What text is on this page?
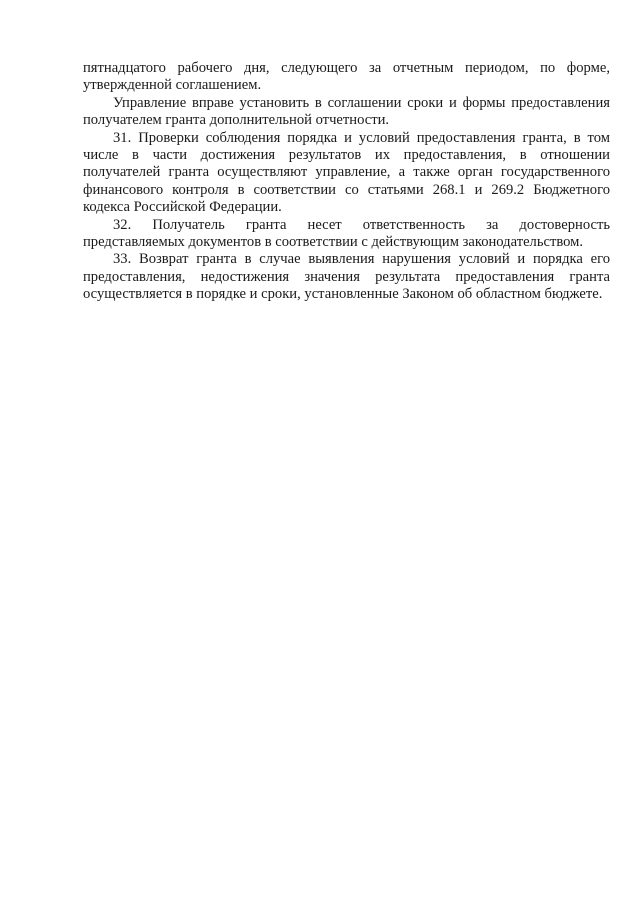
пятнадцатого рабочего дня, следующего за отчетным периодом, по форме, утвержденной соглашением.

Управление вправе установить в соглашении сроки и формы предоставления получателем гранта дополнительной отчетности.

31. Проверки соблюдения порядка и условий предоставления гранта, в том числе в части достижения результатов их предоставления, в отношении получателей гранта осуществляют управление, а также орган государственного финансового контроля в соответствии со статьями 268.1 и 269.2 Бюджетного кодекса Российской Федерации.

32. Получатель гранта несет ответственность за достоверность представляемых документов в соответствии с действующим законодательством.

33. Возврат гранта в случае выявления нарушения условий и порядка его предоставления, недостижения значения результата предоставления гранта осуществляется в порядке и сроки, установленные Законом об областном бюджете.
